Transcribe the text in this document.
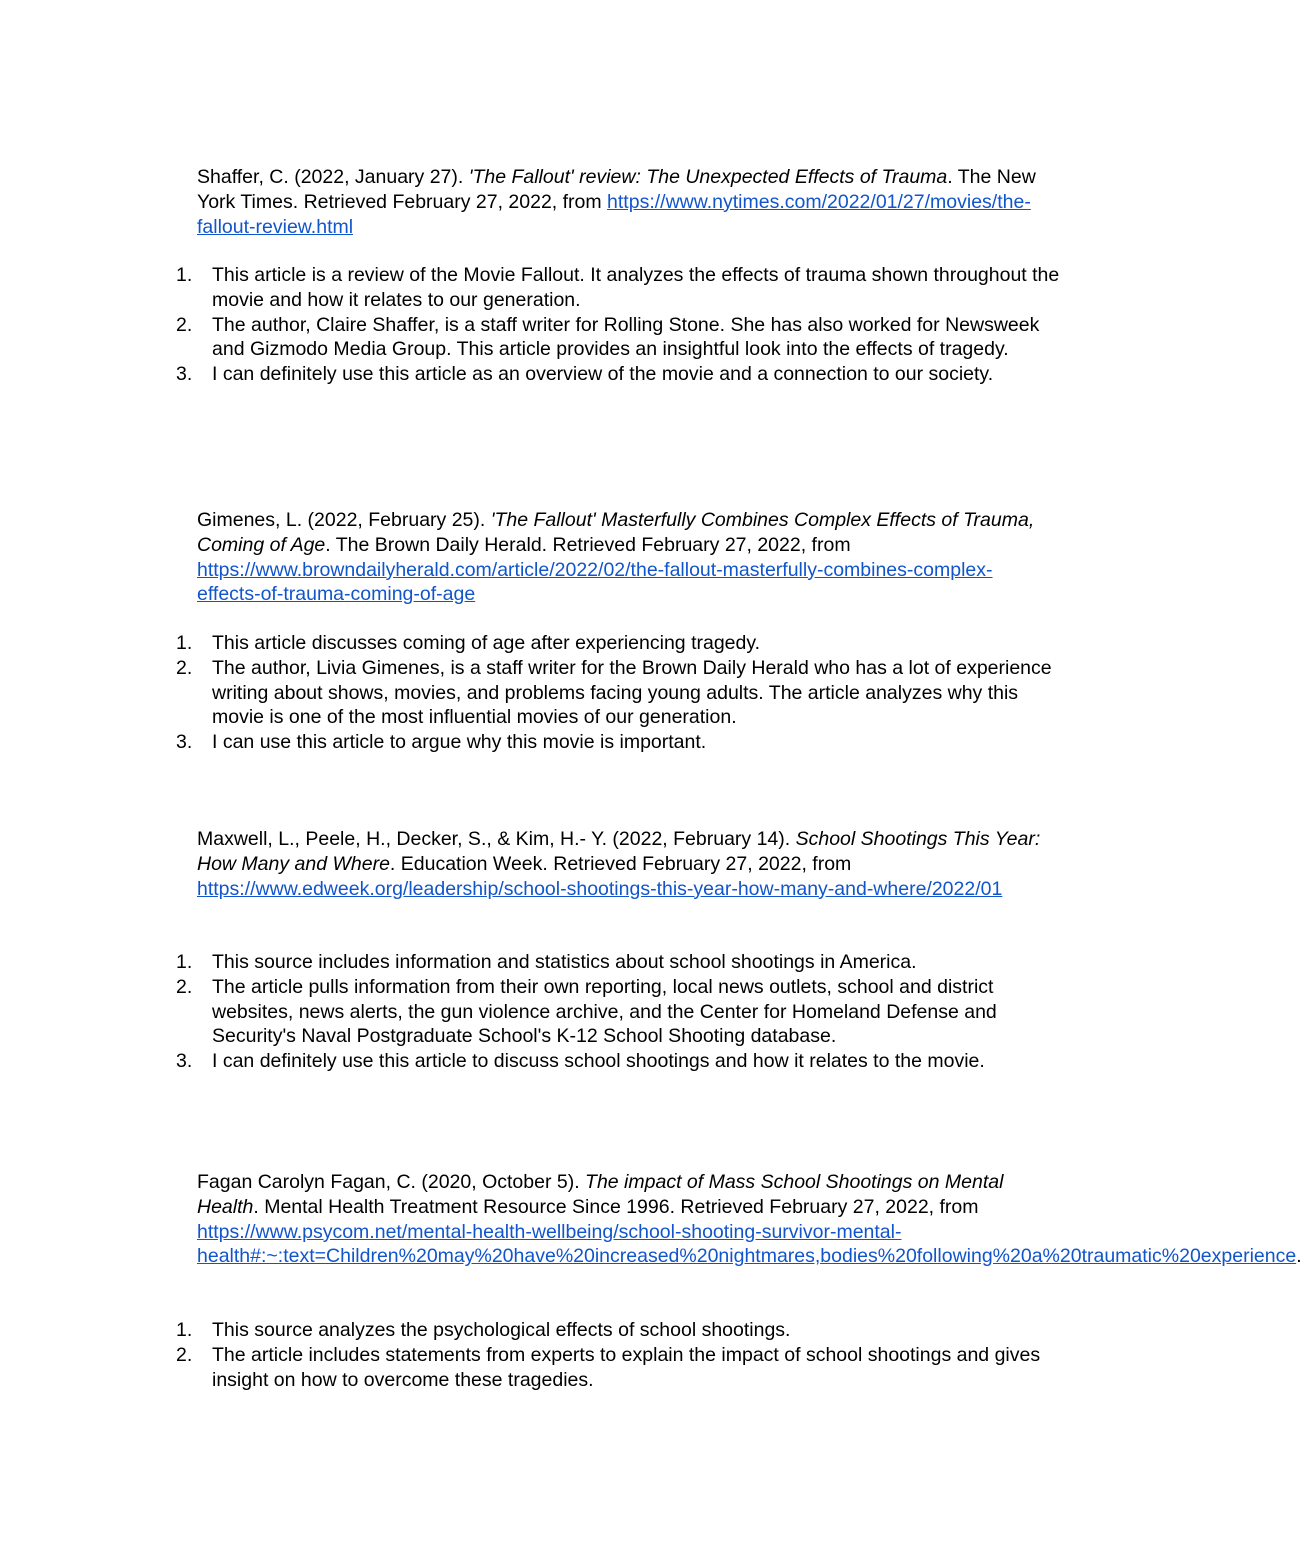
Shaffer, C. (2022, January 27). 'The Fallout' review: The Unexpected Effects of Trauma. The New York Times. Retrieved February 27, 2022, from https://www.nytimes.com/2022/01/27/movies/the-fallout-review.html

1.	This article is a review of the Movie Fallout. It analyzes the effects of trauma shown throughout the movie and how it relates to our generation.
2.	The author, Claire Shaffer, is a staff writer for Rolling Stone. She has also worked for Newsweek and Gizmodo Media Group. This article provides an insightful look into the effects of tragedy.
3.	I can definitely use this article as an overview of the movie and a connection to our society.

Gimenes, L. (2022, February 25). 'The Fallout' Masterfully Combines Complex Effects of Trauma, Coming of Age. The Brown Daily Herald. Retrieved February 27, 2022, from https://www.browndailyherald.com/article/2022/02/the-fallout-masterfully-combines-complex-effects-of-trauma-coming-of-age

1.	This article discusses coming of age after experiencing tragedy.
2.	The author, Livia Gimenes, is a staff writer for the Brown Daily Herald who has a lot of experience writing about shows, movies, and problems facing young adults. The article analyzes why this movie is one of the most influential movies of our generation.
3.	I can use this article to argue why this movie is important.

Maxwell, L., Peele, H., Decker, S., & Kim, H.- Y. (2022, February 14). School Shootings This Year: How Many and Where. Education Week. Retrieved February 27, 2022, from https://www.edweek.org/leadership/school-shootings-this-year-how-many-and-where/2022/01

1.	This source includes information and statistics about school shootings in America.
2.	The article pulls information from their own reporting, local news outlets, school and district websites, news alerts, the gun violence archive, and the Center for Homeland Defense and Security's Naval Postgraduate School's K-12 School Shooting database.
3.	I can definitely use this article to discuss school shootings and how it relates to the movie.

Fagan Carolyn Fagan, C. (2020, October 5). The impact of Mass School Shootings on Mental Health. Mental Health Treatment Resource Since 1996. Retrieved February 27, 2022, from https://www.psycom.net/mental-health-wellbeing/school-shooting-survivor-mental-health#:~:text=Children%20may%20have%20increased%20nightmares,bodies%20following%20a%20traumatic%20experience.

1.	This source analyzes the psychological effects of school shootings.
2.	The article includes statements from experts to explain the impact of school shootings and gives insight on how to overcome these tragedies.
